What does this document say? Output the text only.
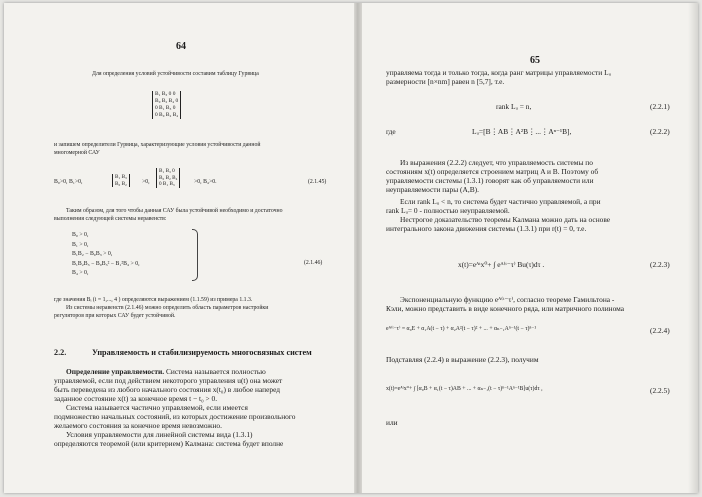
64
Для определения условий устойчивости составим таблицу Гурвица
B₁ B₃ 0 0
B₀ B₂ B₄ 0
0 B₁ B₃ 0
0 B₀ B₂ B₄
и запишем определители Гурвица, характеризующие условия устойчивости данной
многомерной САУ
B₀>0, B₁>0,
B₁ B₃
B₀ B₂	>0,
B₁ B₃ 0
B₀ B₂ B₄
0 B₁ B₃	>0, B₄>0.	(2.1.45)
Таким образом, для того чтобы данная САУ была устойчивой необходимо и достаточно
выполнения следующей системы неравенств:
B₀ > 0,
B₁ > 0,
B₁B₂ − B₀B₃ > 0,
B₁B₂B₃ − B₀B₃² − B₁²B₄ > 0,
B₄ > 0,
(2.1.46)
где значения Bᵢ (i = 1,..., 4 ) определяются выражением (1.1.59) из примера 1.1.3.
Из системы неравенств (2.1.46) можно определить область параметров настройки
регуляторов при которых САУ будет устойчивой.
2.2.	Управляемость и стабилизируемость многосвязных систем
Определение управляемости. Система называется полностью
управляемой, если под действием некоторого управления u(t) она может
быть переведена из любого начального состояния x(t₀) в любое наперед
заданное состояние x(t) за конечное время t − t₀ > 0.
Система называется частично управляемой, если имеется
подмножество начальных состояний, из которых достижение произвольного
желаемого состояния за конечное время невозможно.
Условия управляемости для линейной системы вида (1.3.1)
определяются теоремой (или критерием) Калмана: система будет вполне
65
управляема тогда и только тогда, когда ранг матрицы управляемости Lᵤ
размерности [n×nm] равен n [5,7], т.е.
rank Lᵤ = n,	(2.2.1)
где	Lᵤ=[B⋮AB⋮A²B⋮...⋮Aⁿ⁻¹B],	(2.2.2)
Из выражения (2.2.2) следует, что управляемость системы по
состояниям x(t) определяется строением матриц A и B. Поэтому об
управляемости системы (1.3.1) говорят как об управляемости или
неуправляемости пары (A,B).
Если rank Lᵤ < n, то система будет частично управляемой, а при
rank Lᵤ= 0 - полностью неуправляемой.
Нестрогое доказательство теоремы Калмана можно дать на основе
интегрального закона движения системы (1.3.1) при r(t) = 0, т.е.
x(t)=eᴬᵗx⁰+ ∫ eᴬ⁽ᵗ⁻τ⁾ Bu(τ)dτ .	(2.2.3)
Экспоненциальную функцию eᴬ⁽ᵗ⁻τ⁾, согласно теореме Гамильтона -
Кэли, можно представить в виде конечного ряда, или матричного полинома
eᴬ⁽ᵗ⁻τ⁾ = α₀E + α₁A(t − τ) + α₂A²(t − τ)² + ... + αₙ₋₁Aⁿ⁻¹(t − τ)ⁿ⁻¹	(2.2.4)
Подставляя (2.2.4) в выражение (2.2.3), получим
x(t)=eᴬᵗx⁰+ ∫ [α₀B + α₁(t − τ)AB + ... + αₙ₋₁(t − τ)ⁿ⁻¹Aⁿ⁻¹B]u(τ)dτ ,	(2.2.5)
или
